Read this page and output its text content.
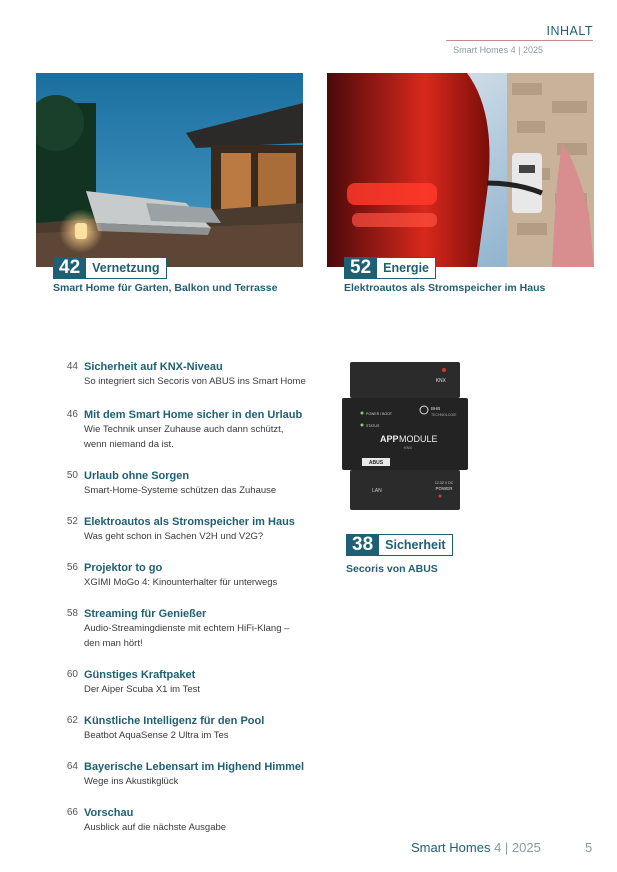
INHALT
Smart Homes 4 | 2025
42 Vernetzung
Smart Home für Garten, Balkon und Terrasse
52 Energie
Elektroautos als Stromspeicher im Haus
44 Sicherheit auf KNX-Niveau
So integriert sich Secoris von ABUS ins Smart Home
46 Mit dem Smart Home sicher in den Urlaub
Wie Technik unser Zuhause auch dann schützt,
wenn niemand da ist.
50 Urlaub ohne Sorgen
Smart-Home-Systeme schützen das Zuhause
52 Elektroautos als Stromspeicher im Haus
Was geht schon in Sachen V2H und V2G?
56 Projektor to go
XGIMI MoGo 4: Kinounterhalter für unterwegs
58 Streaming für Genießer
Audio-Streamingdienste mit echtem HiFi-Klang –
den man hört!
60 Günstiges Kraftpaket
Der Aiper Scuba X1 im Test
62 Künstliche Intelligenz für den Pool
Beatbot AquaSense 2 Ultra im Tes
64 Bayerische Lebensart im Highend Himmel
Wege ins Akustikglück
66 Vorschau
Ausblick auf die nächste Ausgabe
KNX
BHB
TECHNOLOGIE
POWER / BOOT
STATUS
APP MODULE
KNX
ABUS
LAN
12-32 V DC
POWER
38 Sicherheit
Secoris von ABUS
Smart Homes 4 | 2025	5
